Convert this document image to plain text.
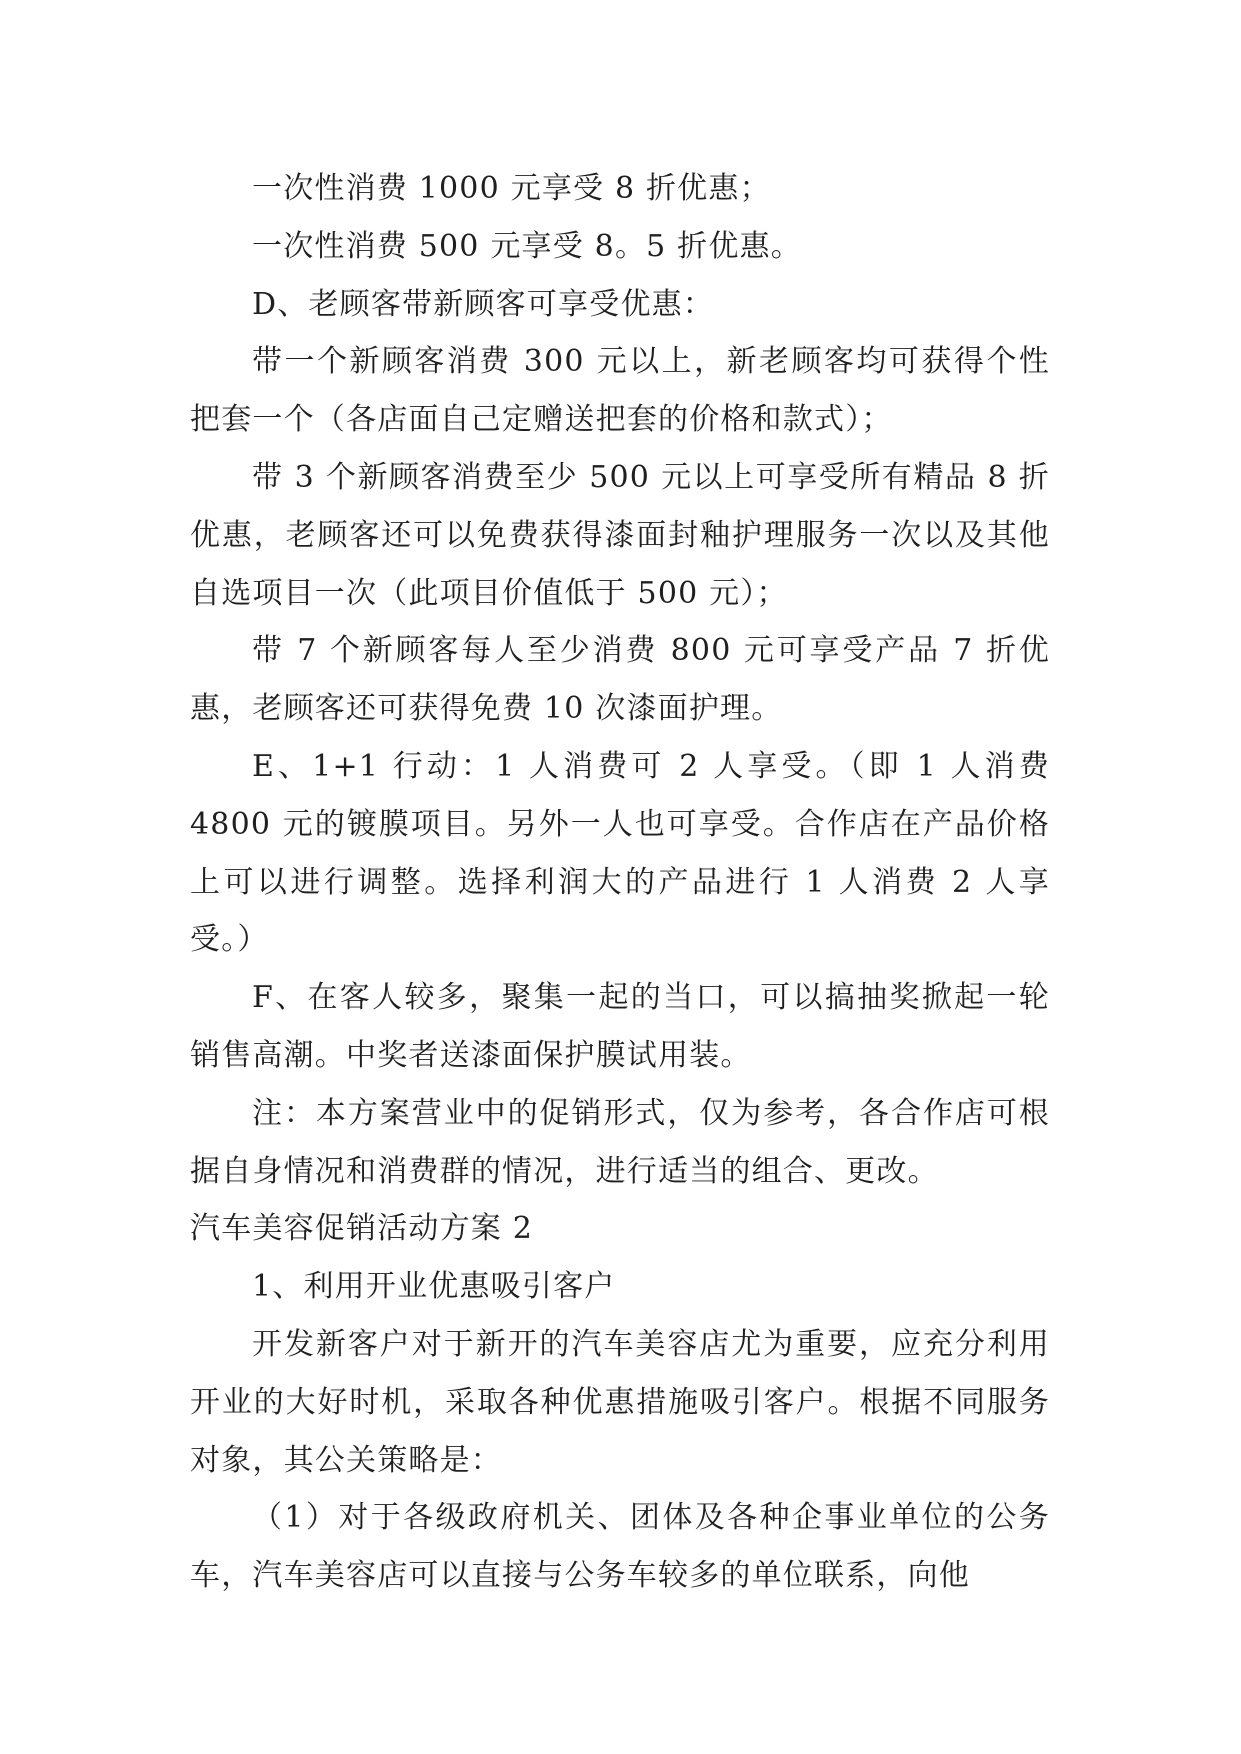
一次性消费 1000 元享受 8 折优惠；

一次性消费 500 元享受 8。5 折优惠。

D、老顾客带新顾客可享受优惠：

带一个新顾客消费 300 元以上，新老顾客均可获得个性把套一个（各店面自己定赠送把套的价格和款式）；

带 3 个新顾客消费至少 500 元以上可享受所有精品 8 折优惠，老顾客还可以免费获得漆面封釉护理服务一次以及其他自选项目一次（此项目价值低于 500 元）；

带 7 个新顾客每人至少消费 800 元可享受产品 7 折优惠，老顾客还可获得免费 10 次漆面护理。

E、1+1 行动：1 人消费可 2 人享受。（即 1 人消费 4800 元的镀膜项目。另外一人也可享受。合作店在产品价格上可以进行调整。选择利润大的产品进行 1 人消费 2 人享受。）

F、在客人较多，聚集一起的当口，可以搞抽奖掀起一轮销售高潮。中奖者送漆面保护膜试用装。

注：本方案营业中的促销形式，仅为参考，各合作店可根据自身情况和消费群的情况，进行适当的组合、更改。

汽车美容促销活动方案 2

1、利用开业优惠吸引客户

开发新客户对于新开的汽车美容店尤为重要，应充分利用开业的大好时机，采取各种优惠措施吸引客户。根据不同服务对象，其公关策略是：

（1）对于各级政府机关、团体及各种企事业单位的公务车，汽车美容店可以直接与公务车较多的单位联系，向他
